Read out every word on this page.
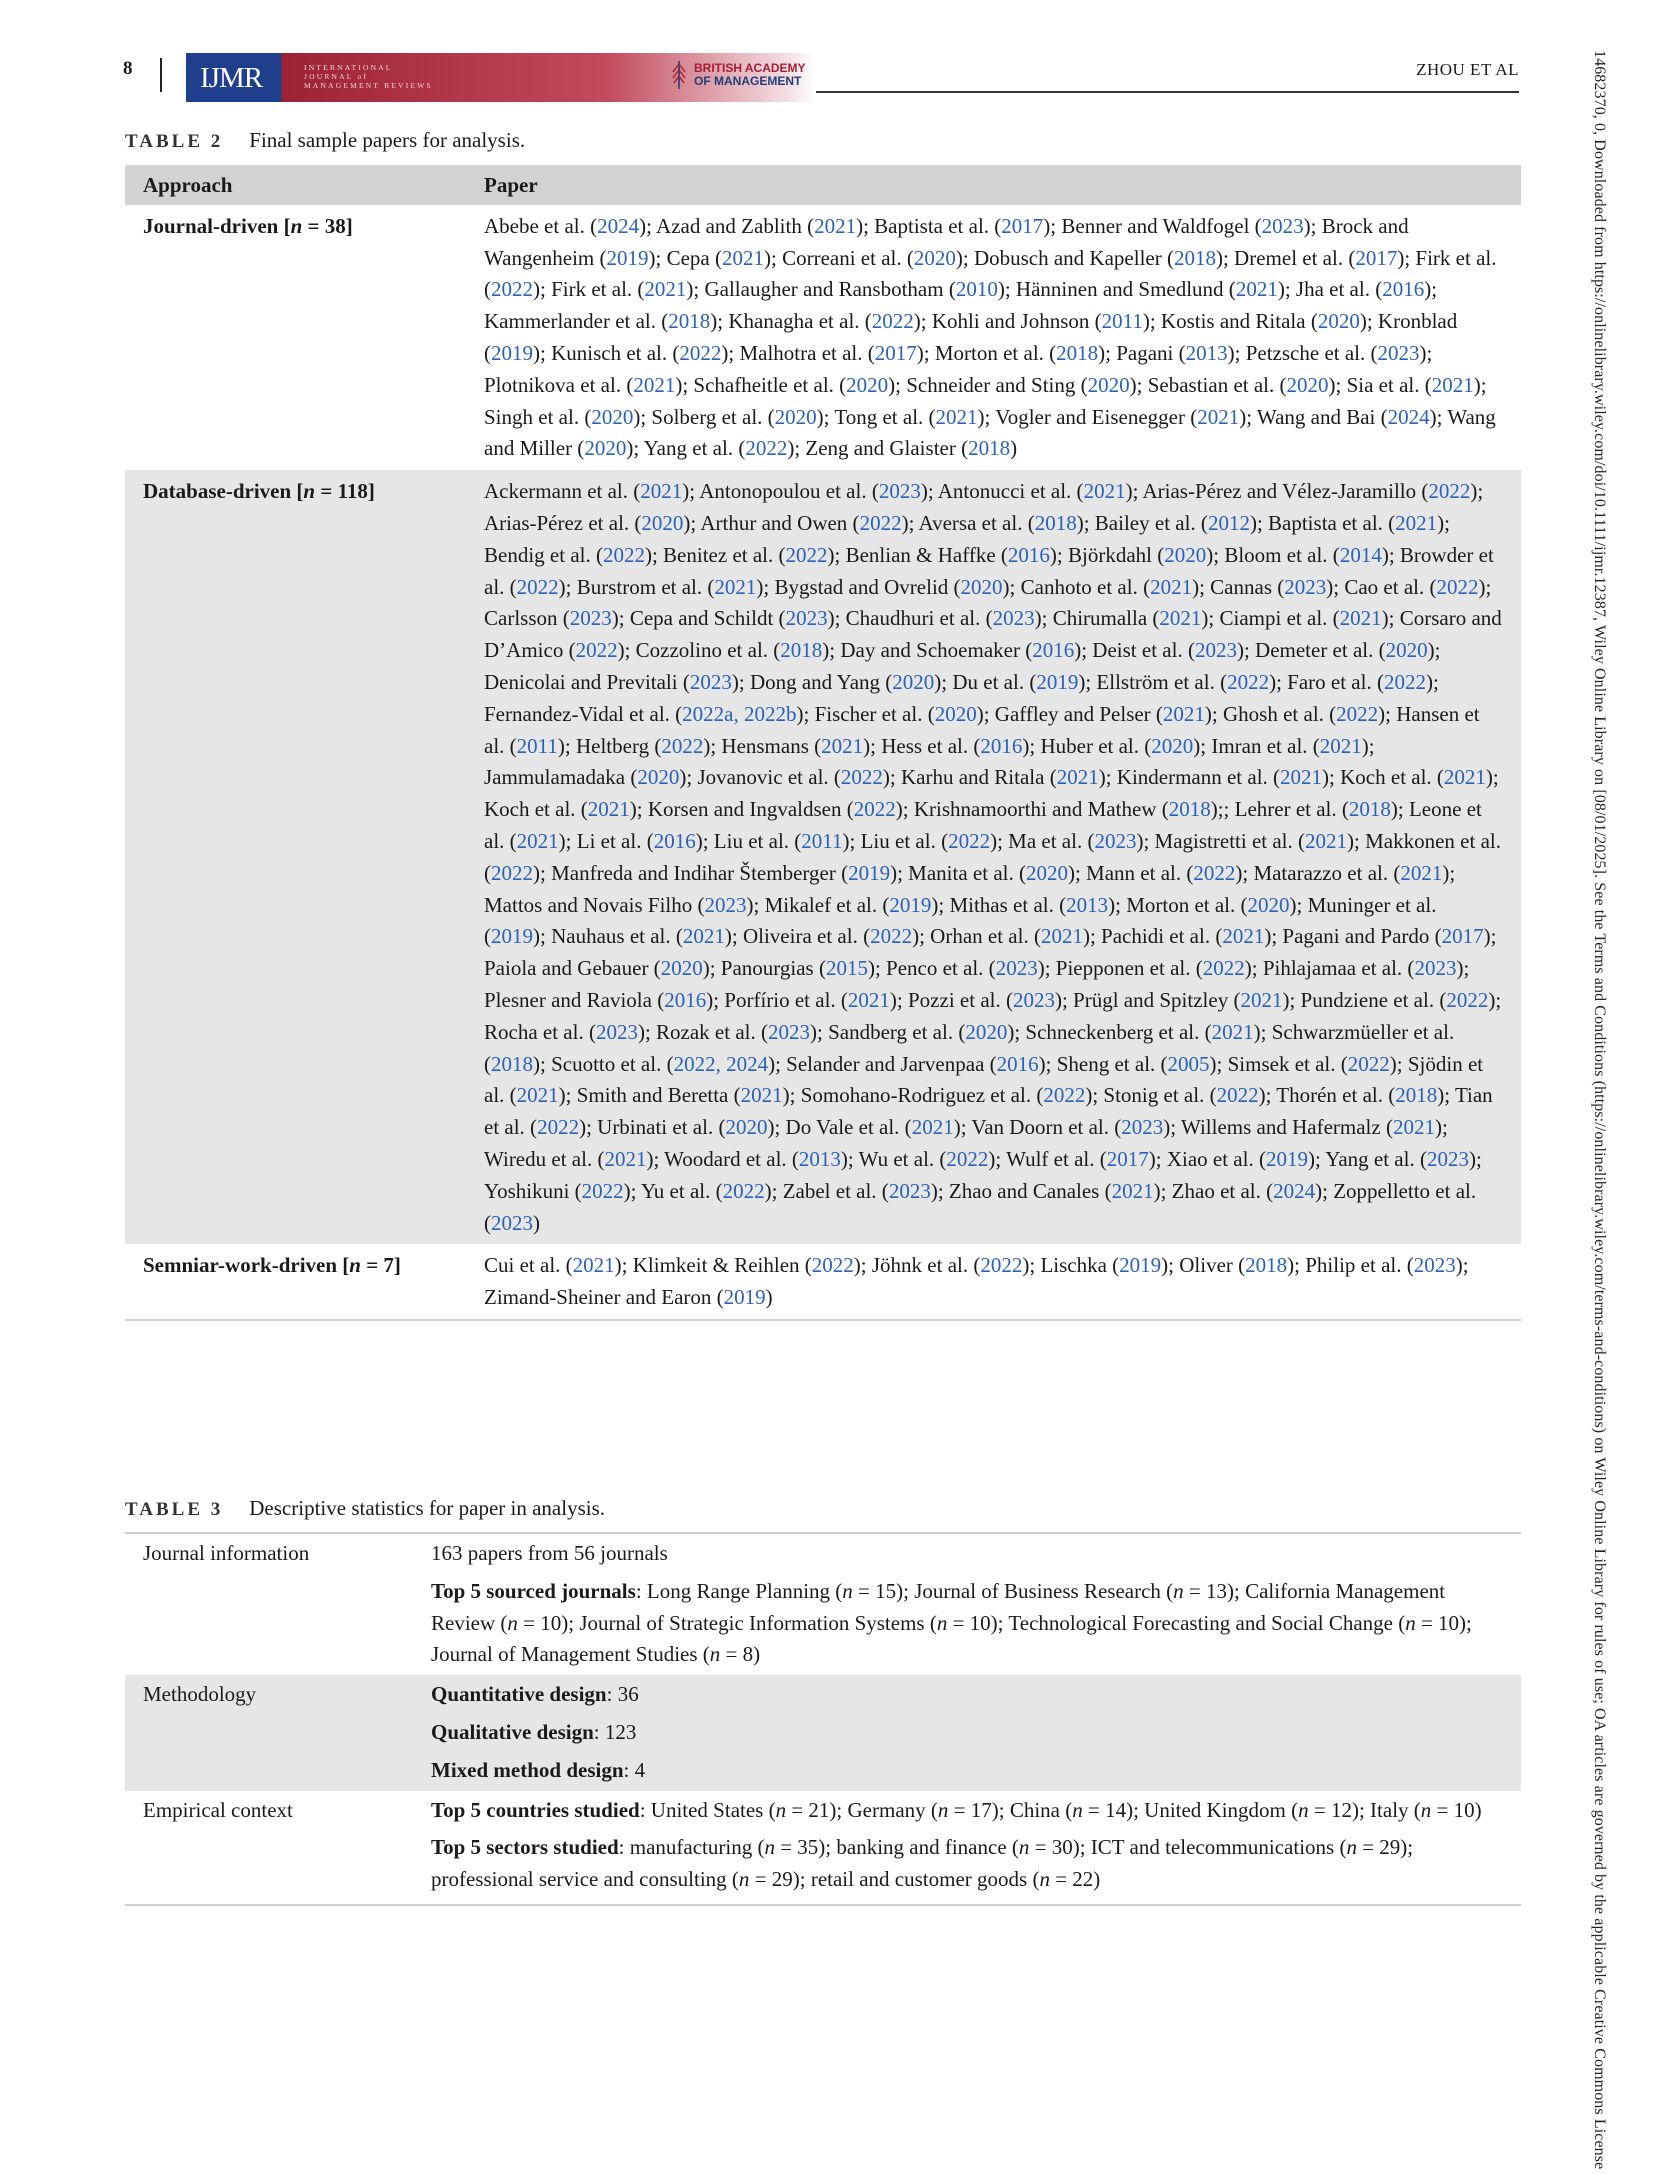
8 IJMR	INTERNATIONAL
JOURNAL of
MANAGEMENT REVIEWS
BRITISH ACADEMY
OF MANAGEMENT
ZHOU ET AL
TABLE 2 Final sample papers for analysis.
Approach	Paper
Journal-driven [n = 38]	Abebe et al. (2024); Azad and Zablith (2021); Baptista et al. (2017); Benner and Waldfogel (2023); Brock and Wangenheim (2019); Cepa (2021); Correani et al. (2020); Dobusch and Kapeller (2018); Dremel et al. (2017); Firk et al. (2022); Firk et al. (2021); Gallaugher and Ransbotham (2010); Hänninen and Smedlund (2021); Jha et al. (2016); Kammerlander et al. (2018); Khanagha et al. (2022); Kohli and Johnson (2011); Kostis and Ritala (2020); Kronblad (2019); Kunisch et al. (2022); Malhotra et al. (2017); Morton et al. (2018); Pagani (2013); Petzsche et al. (2023); Plotnikova et al. (2021); Schafheitle et al. (2020); Schneider and Sting (2020); Sebastian et al. (2020); Sia et al. (2021); Singh et al. (2020); Solberg et al. (2020); Tong et al. (2021); Vogler and Eisenegger (2021); Wang and Bai (2024); Wang and Miller (2020); Yang et al. (2022); Zeng and Glaister (2018)
Database-driven [n = 118]	Ackermann et al. (2021); Antonopoulou et al. (2023); Antonucci et al. (2021); Arias-Pérez and Vélez-Jaramillo (2022); Arias-Pérez et al. (2020); Arthur and Owen (2022); Aversa et al. (2018); Bailey et al. (2012); Baptista et al. (2021); Bendig et al. (2022); Benitez et al. (2022); Benlian & Haffke (2016); Björkdahl (2020); Bloom et al. (2014); Browder et al. (2022); Burstrom et al. (2021); Bygstad and Ovrelid (2020); Canhoto et al. (2021); Cannas (2023); Cao et al. (2022); Carlsson (2023); Cepa and Schildt (2023); Chaudhuri et al. (2023); Chirumalla (2021); Ciampi et al. (2021); Corsaro and D’Amico (2022); Cozzolino et al. (2018); Day and Schoemaker (2016); Deist et al. (2023); Demeter et al. (2020); Denicolai and Previtali (2023); Dong and Yang (2020); Du et al. (2019); Ellström et al. (2022); Faro et al. (2022); Fernandez-Vidal et al. (2022a, 2022b); Fischer et al. (2020); Gaffley and Pelser (2021); Ghosh et al. (2022); Hansen et al. (2011); Heltberg (2022); Hensmans (2021); Hess et al. (2016); Huber et al. (2020); Imran et al. (2021); Jammulamadaka (2020); Jovanovic et al. (2022); Karhu and Ritala (2021); Kindermann et al. (2021); Koch et al. (2021); Koch et al. (2021); Korsen and Ingvaldsen (2022); Krishnamoorthi and Mathew (2018);; Lehrer et al. (2018); Leone et al. (2021); Li et al. (2016); Liu et al. (2011); Liu et al. (2022); Ma et al. (2023); Magistretti et al. (2021); Makkonen et al. (2022); Manfreda and Indihar Štemberger (2019); Manita et al. (2020); Mann et al. (2022); Matarazzo et al. (2021); Mattos and Novais Filho (2023); Mikalef et al. (2019); Mithas et al. (2013); Morton et al. (2020); Muninger et al. (2019); Nauhaus et al. (2021); Oliveira et al. (2022); Orhan et al. (2021); Pachidi et al. (2021); Pagani and Pardo (2017); Paiola and Gebauer (2020); Panourgias (2015); Penco et al. (2023); Piepponen et al. (2022); Pihlajamaa et al. (2023); Plesner and Raviola (2016); Porfírio et al. (2021); Pozzi et al. (2023); Prügl and Spitzley (2021); Pundziene et al. (2022); Rocha et al. (2023); Rozak et al. (2023); Sandberg et al. (2020); Schneckenberg et al. (2021); Schwarzmüeller et al. (2018); Scuotto et al. (2022, 2024); Selander and Jarvenpaa (2016); Sheng et al. (2005); Simsek et al. (2022); Sjödin et al. (2021); Smith and Beretta (2021); Somohano-Rodriguez et al. (2022); Stonig et al. (2022); Thorén et al. (2018); Tian et al. (2022); Urbinati et al. (2020); Do Vale et al. (2021); Van Doorn et al. (2023); Willems and Hafermalz (2021); Wiredu et al. (2021); Woodard et al. (2013); Wu et al. (2022); Wulf et al. (2017); Xiao et al. (2019); Yang et al. (2023); Yoshikuni (2022); Yu et al. (2022); Zabel et al. (2023); Zhao and Canales (2021); Zhao et al. (2024); Zoppelletto et al. (2023)
Semniar-work-driven [n = 7]	Cui et al. (2021); Klimkeit & Reihlen (2022); Jöhnk et al. (2022); Lischka (2019); Oliver (2018); Philip et al. (2023); Zimand-Sheiner and Earon (2019)
TABLE 3 Descriptive statistics for paper in analysis.
Journal information	163 papers from 56 journals
Top 5 sourced journals: Long Range Planning (n = 15); Journal of Business Research (n = 13); California Management Review (n = 10); Journal of Strategic Information Systems (n = 10); Technological Forecasting and Social Change (n = 10); Journal of Management Studies (n = 8)

Methodology	Quantitative design: 36
Qualitative design: 123
Mixed method design: 4

Empirical context	Top 5 countries studied: United States (n = 21); Germany (n = 17); China (n = 14); United Kingdom (n = 12); Italy (n = 10)
Top 5 sectors studied: manufacturing (n = 35); banking and finance (n = 30); ICT and telecommunications (n = 29); professional service and consulting (n = 29); retail and customer goods (n = 22)	14682370, 0, Downloaded from https://onlinelibrary.wiley.com/doi/10.1111/ijmr.12387, Wiley Online Library on [08/01/2025]. See the Terms and Conditions (https://onlinelibrary.wiley.com/terms-and-conditions) on Wiley Online Library for rules of use; OA articles are governed by the applicable Creative Commons License
